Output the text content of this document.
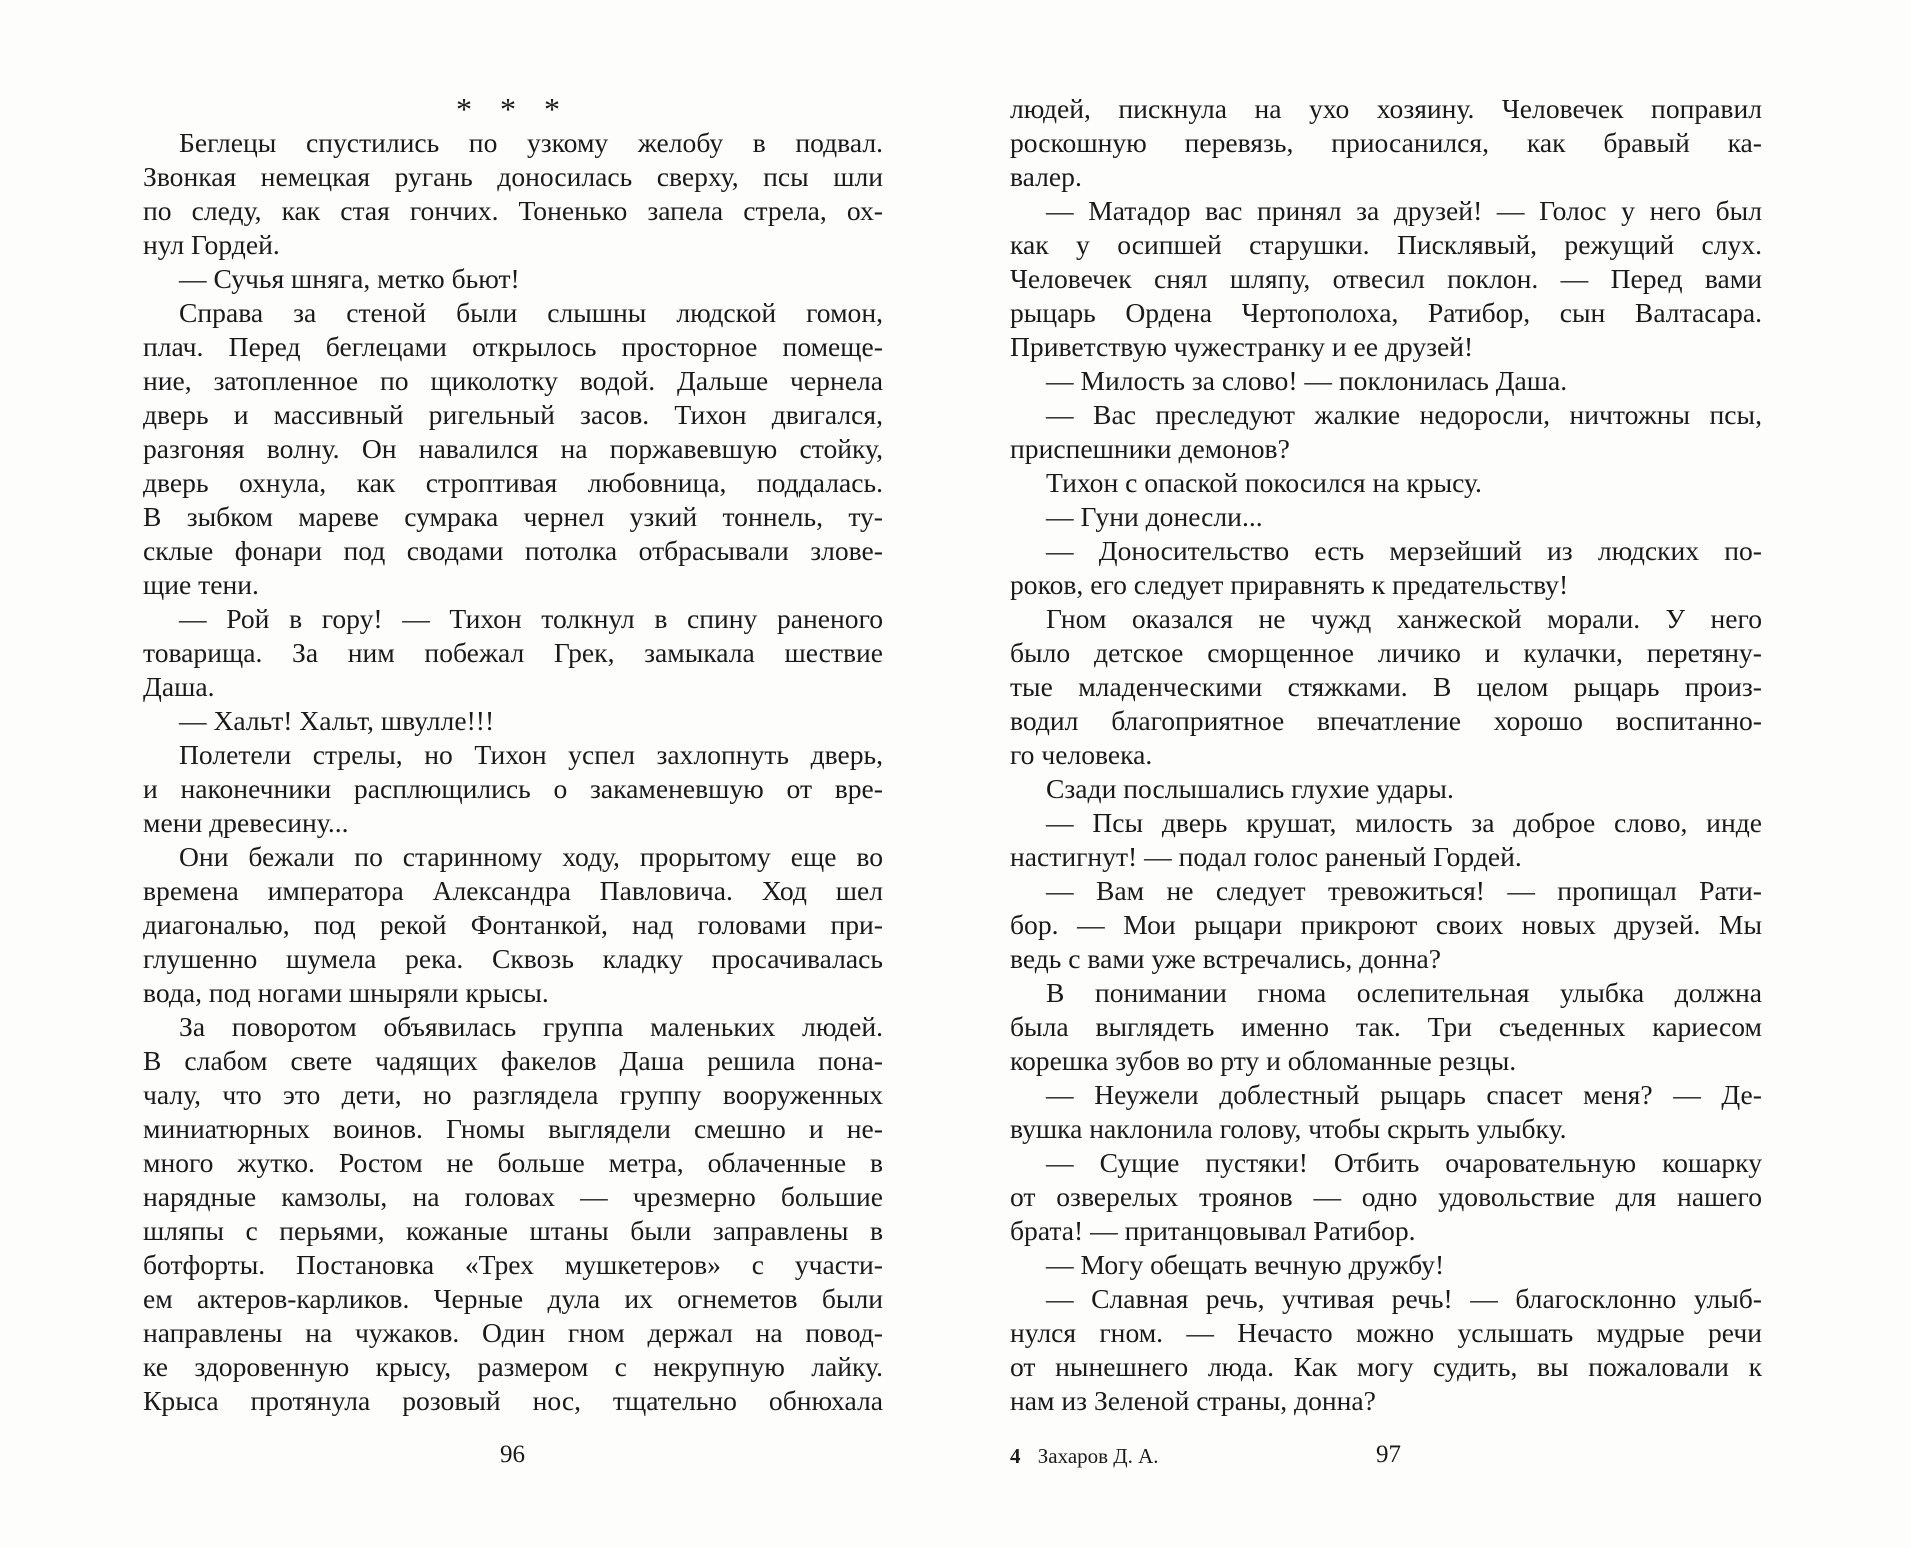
* * *
Беглецы спустились по узкому желобу в подвал.
Звонкая немецкая ругань доносилась сверху, псы шли
по следу, как стая гончих. Тоненько запела стрела, ох-
нул Гордей.
— Сучья шняга, метко бьют!
Справа за стеной были слышны людской гомон,
плач. Перед беглецами открылось просторное помеще-
ние, затопленное по щиколотку водой. Дальше чернела
дверь и массивный ригельный засов. Тихон двигался,
разгоняя волну. Он навалился на поржавевшую стойку,
дверь охнула, как строптивая любовница, поддалась.
В зыбком мареве сумрака чернел узкий тоннель, ту-
склые фонари под сводами потолка отбрасывали злове-
щие тени.
— Рой в гору! — Тихон толкнул в спину раненого
товарища. За ним побежал Грек, замыкала шествие
Даша.
— Хальт! Хальт, швулле!!!
Полетели стрелы, но Тихон успел захлопнуть дверь,
и наконечники расплющились о закаменевшую от вре-
мени древесину...
Они бежали по старинному ходу, прорытому еще во
времена императора Александра Павловича. Ход шел
диагональю, под рекой Фонтанкой, над головами при-
глушенно шумела река. Сквозь кладку просачивалась
вода, под ногами шныряли крысы.
За поворотом объявилась группа маленьких людей.
В слабом свете чадящих факелов Даша решила пона-
чалу, что это дети, но разглядела группу вооруженных
миниатюрных воинов. Гномы выглядели смешно и не-
много жутко. Ростом не больше метра, облаченные в
нарядные камзолы, на головах — чрезмерно большие
шляпы с перьями, кожаные штаны были заправлены в
ботфорты. Постановка «Трех мушкетеров» с участи-
ем актеров-карликов. Черные дула их огнеметов были
направлены на чужаков. Один гном держал на повод-
ке здоровенную крысу, размером с некрупную лайку.
Крыса протянула розовый нос, тщательно обнюхала
людей, пискнула на ухо хозяину. Человечек поправил
роскошную перевязь, приосанился, как бравый ка-
валер.
— Матадор вас принял за друзей! — Голос у него был
как у осипшей старушки. Писклявый, режущий слух.
Человечек снял шляпу, отвесил поклон. — Перед вами
рыцарь Ордена Чертополоха, Ратибор, сын Валтасара.
Приветствую чужестранку и ее друзей!
— Милость за слово! — поклонилась Даша.
— Вас преследуют жалкие недоросли, ничтожны псы,
приспешники демонов?
Тихон с опаской покосился на крысу.
— Гуни донесли...
— Доносительство есть мерзейший из людских по-
роков, его следует приравнять к предательству!
Гном оказался не чужд ханжеской морали. У него
было детское сморщенное личико и кулачки, перетяну-
тые младенческими стяжками. В целом рыцарь произ-
водил благоприятное впечатление хорошо воспитанно-
го человека.
Сзади послышались глухие удары.
— Псы дверь крушат, милость за доброе слово, инде
настигнут! — подал голос раненый Гордей.
— Вам не следует тревожиться! — пропищал Рати-
бор. — Мои рыцари прикроют своих новых друзей. Мы
ведь с вами уже встречались, донна?
В понимании гнома ослепительная улыбка должна
была выглядеть именно так. Три съеденных кариесом
корешка зубов во рту и обломанные резцы.
— Неужели доблестный рыцарь спасет меня? — Де-
вушка наклонила голову, чтобы скрыть улыбку.
— Сущие пустяки! Отбить очаровательную кошарку
от озверелых троянов — одно удовольствие для нашего
брата! — пританцовывал Ратибор.
— Могу обещать вечную дружбу!
— Славная речь, учтивая речь! — благосклонно улыб-
нулся гном. — Нечасто можно услышать мудрые речи
от нынешнего люда. Как могу судить, вы пожаловали к
нам из Зеленой страны, донна?
96	4 Захаров Д. А.	97
